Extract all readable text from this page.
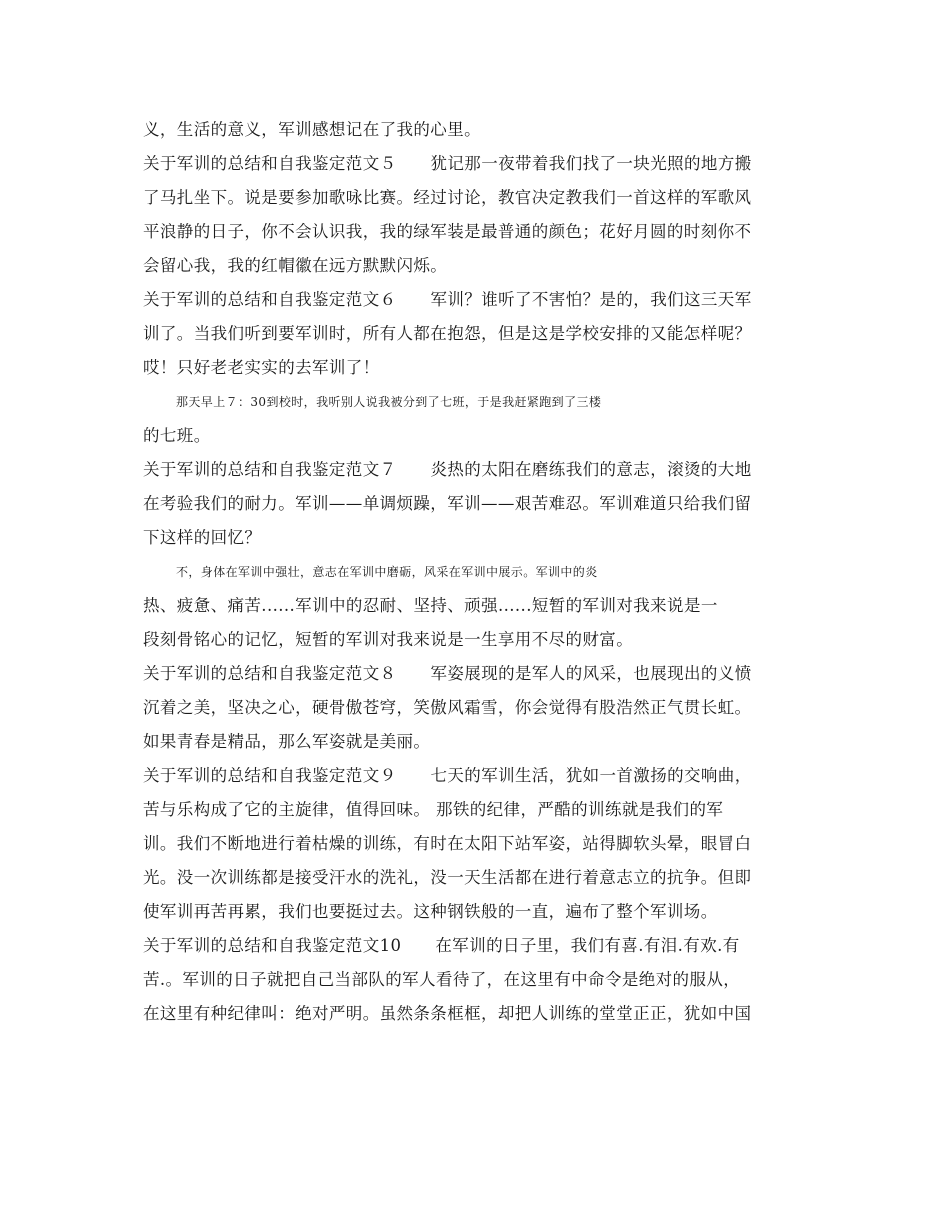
义，生活的意义，军训感想记在了我的心里。
关于军训的总结和自我鉴定范文５ 犹记那一夜带着我们找了一块光照的地方搬
了马扎坐下。说是要参加歌咏比赛。经过讨论，教官决定教我们一首这样的军歌风
平浪静的日子，你不会认识我，我的绿军装是最普通的颜色；花好月圆的时刻你不
会留心我，我的红帽徽在远方默默闪烁。
关于军训的总结和自我鉴定范文６ 军训？谁听了不害怕？是的，我们这三天军
训了。当我们听到要军训时，所有人都在抱怨，但是这是学校安排的又能怎样呢？
哎！只好老老实实的去军训了！
那天早上７：30到校时，我听别人说我被分到了七班，于是我赶紧跑到了三楼
的七班。
关于军训的总结和自我鉴定范文７ 炎热的太阳在磨练我们的意志，滚烫的大地
在考验我们的耐力。军训——单调烦躁，军训——艰苦难忍。军训难道只给我们留
下这样的回忆？
不，身体在军训中强壮，意志在军训中磨砺，风采在军训中展示。军训中的炎
热、疲惫、痛苦......军训中的忍耐、坚持、顽强......短暂的军训对我来说是一
段刻骨铭心的记忆，短暂的军训对我来说是一生享用不尽的财富。
关于军训的总结和自我鉴定范文８ 军姿展现的是军人的风采，也展现出的义愤
沉着之美，坚决之心，硬骨傲苍穹，笑傲风霜雪，你会觉得有股浩然正气贯长虹。
如果青春是精品，那么军姿就是美丽。
关于军训的总结和自我鉴定范文９ 七天的军训生活，犹如一首激扬的交响曲，
苦与乐构成了它的主旋律，值得回味。 那铁的纪律，严酷的训练就是我们的军
训。我们不断地进行着枯燥的训练，有时在太阳下站军姿，站得脚软头晕，眼冒白
光。没一次训练都是接受汗水的洗礼，没一天生活都在进行着意志立的抗争。但即
使军训再苦再累，我们也要挺过去。这种钢铁般的一直，遍布了整个军训场。
关于军训的总结和自我鉴定范文10 在军训的日子里，我们有喜.有泪.有欢.有
苦.。军训的日子就把自己当部队的军人看待了，在这里有中命令是绝对的服从，
在这里有种纪律叫：绝对严明。虽然条条框框，却把人训练的堂堂正正，犹如中国
